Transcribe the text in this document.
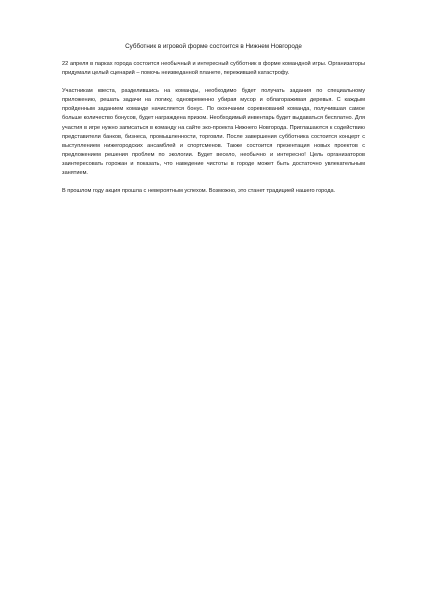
Субботник в игровой форме состоится в Нижнем Новгороде

22 апреля в парках города состоится необычный и интересный субботник в форме командной игры. Организаторы придумали целый сценарий – помочь неизведанной планете, пережившей катастрофу.

Участникам квеста, разделившись на команды, необходимо будет получать задания по специальному приложению, решать задачи на логику, одновременно убирая мусор и облагораживая деревья. С каждым пройденным заданием команде начисляется бонус. По окончании соревнований команда, получившая самое больше количество бонусов, будет награждена призом. Необходимый инвентарь будет выдаваться бесплатно. Для участия в игре нужно записаться в команду на сайте эко-проекта Нижнего Новгорода. Приглашаются к содействию представители банков, бизнеса, промышленности, торговли. После завершения субботника состоится концерт с выступлением нижегородских ансамблей и спортсменов. Также состоится презентация новых проектов с предложением решения проблем по экологии. Будет весело, необычно и интересно! Цель организаторов заинтересовать горожан и показать, что наведение чистоты в городе может быть достаточно увлекательным занятием.

В прошлом году акция прошла с невероятным успехом. Возможно, это станет традицией нашего города.
